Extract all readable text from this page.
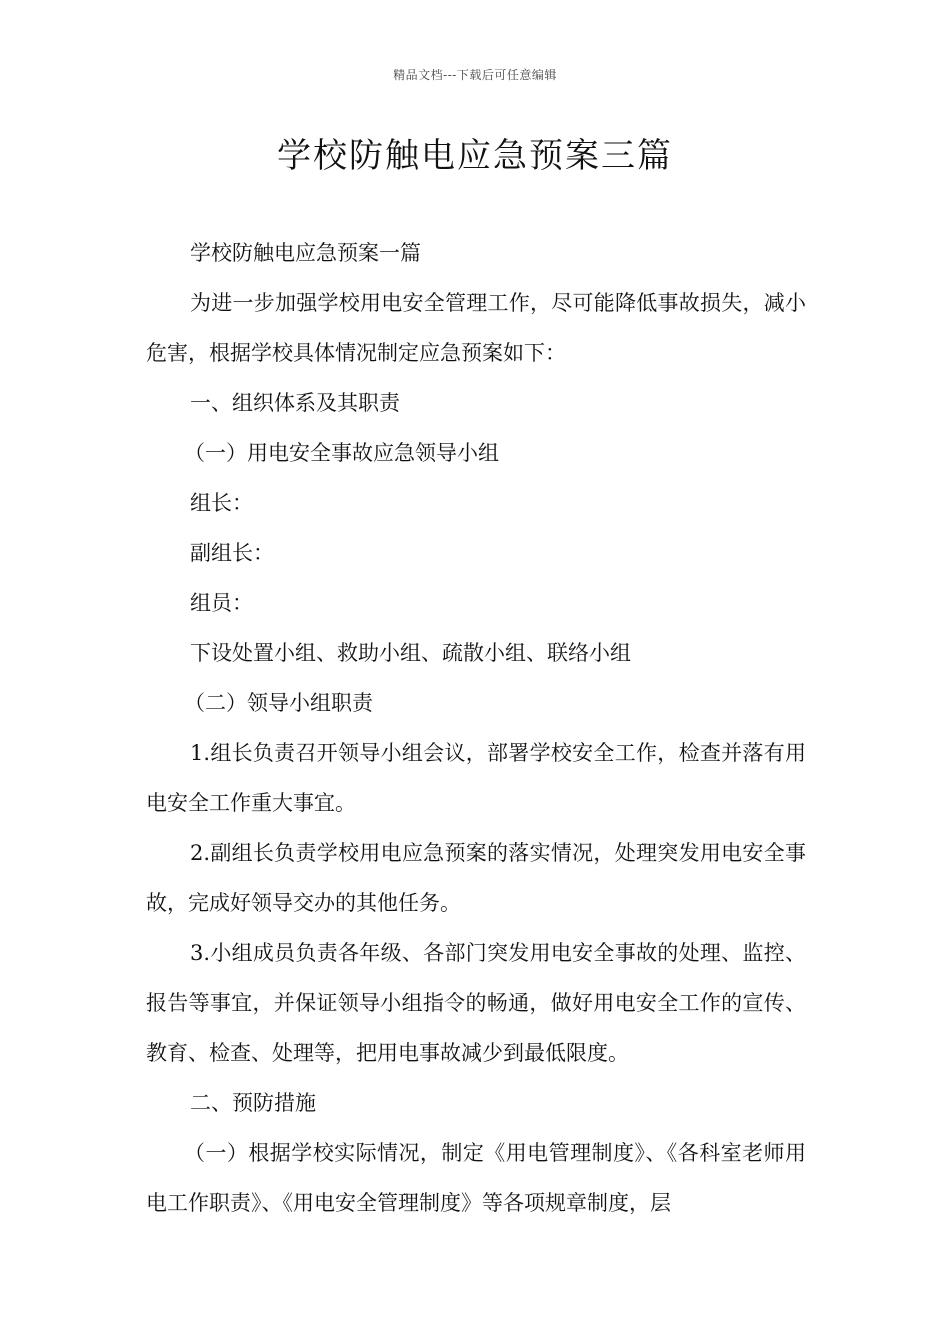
精品文档---下载后可任意编辑
学校防触电应急预案三篇

学校防触电应急预案一篇

为进一步加强学校用电安全管理工作，尽可能降低事故损失，减小危害，根据学校具体情况制定应急预案如下：

一、组织体系及其职责

（一）用电安全事故应急领导小组

组长：

副组长：

组员：

下设处置小组、救助小组、疏散小组、联络小组

（二）领导小组职责

1.组长负责召开领导小组会议，部署学校安全工作，检查并落有用电安全工作重大事宜。

2.副组长负责学校用电应急预案的落实情况，处理突发用电安全事故，完成好领导交办的其他任务。

3.小组成员负责各年级、各部门突发用电安全事故的处理、监控、报告等事宜，并保证领导小组指令的畅通，做好用电安全工作的宣传、教育、检查、处理等，把用电事故减少到最低限度。

二、预防措施

（一）根据学校实际情况，制定《用电管理制度》、《各科室老师用电工作职责》、《用电安全管理制度》等各项规章制度，层
